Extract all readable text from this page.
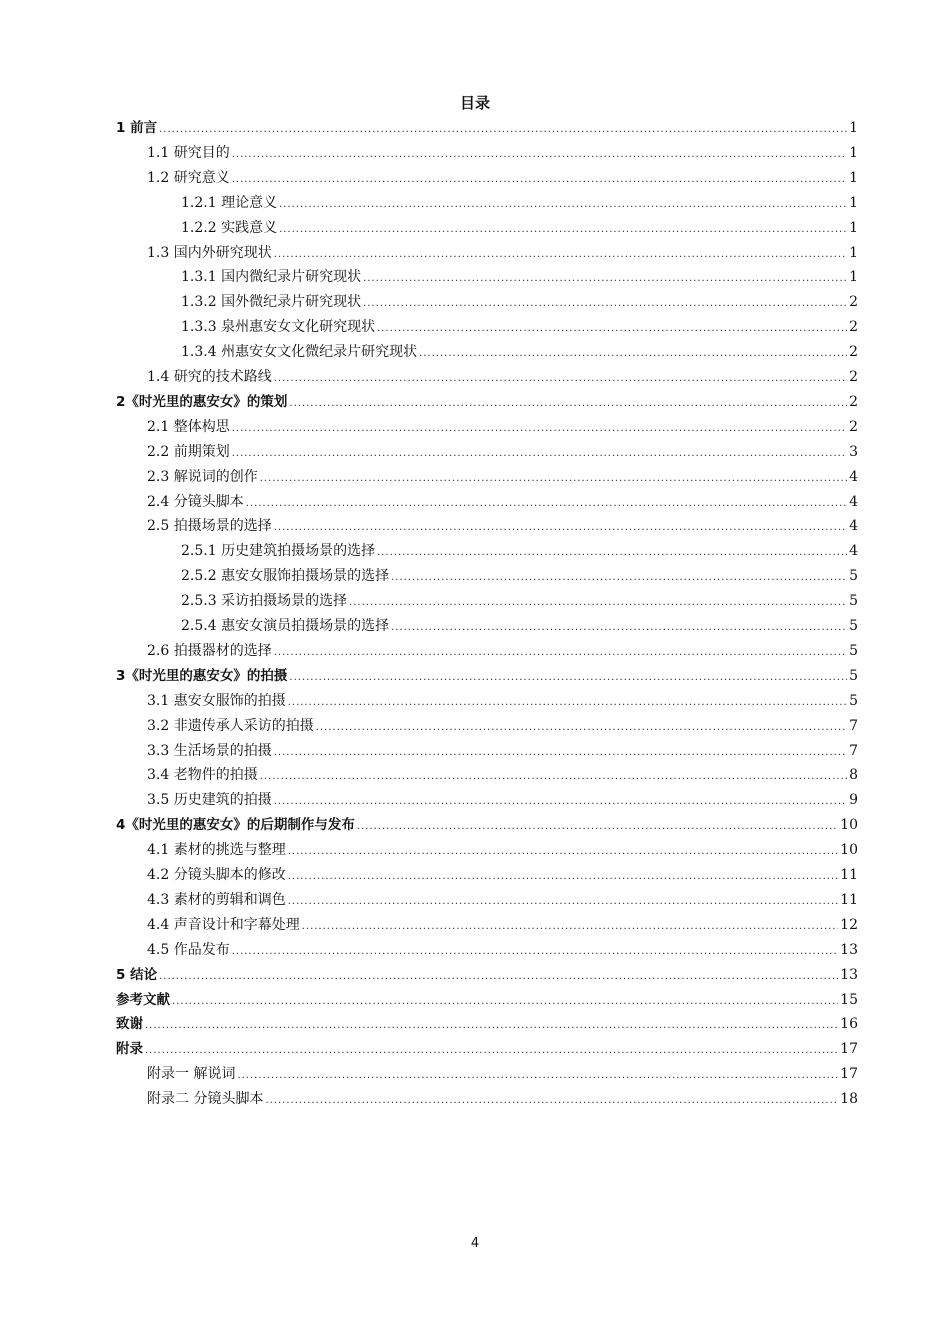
目录
1 前言 .....	1
1.1 研究目的 .....	1
1.2 研究意义 .....	1
1.2.1 理论意义 .....	1
1.2.2 实践意义 .....	1
1.3 国内外研究现状 .....	1
1.3.1 国内微纪录片研究现状 .....	1
1.3.2 国外微纪录片研究现状 .....	2
1.3.3 泉州惠安女文化研究现状 .....	2
1.3.4 州惠安女文化微纪录片研究现状 .....	2
1.4 研究的技术路线 .....	2
2《时光里的惠安女》的策划 .....	2
2.1 整体构思 .....	2
2.2 前期策划 .....	3
2.3 解说词的创作 .....	4
2.4 分镜头脚本 .....	4
2.5 拍摄场景的选择 .....	4
2.5.1 历史建筑拍摄场景的选择 .....	4
2.5.2 惠安女服饰拍摄场景的选择 .....	5
2.5.3 采访拍摄场景的选择 .....	5
2.5.4 惠安女演员拍摄场景的选择 .....	5
2.6 拍摄器材的选择 .....	5
3《时光里的惠安女》的拍摄 .....	5
3.1 惠安女服饰的拍摄 .....	5
3.2 非遗传承人采访的拍摄 .....	7
3.3 生活场景的拍摄 .....	7
3.4 老物件的拍摄 .....	8
3.5 历史建筑的拍摄 .....	9
4《时光里的惠安女》的后期制作与发布 .....	10
4.1 素材的挑选与整理 .....	10
4.2 分镜头脚本的修改 .....	11
4.3 素材的剪辑和调色 .....	11
4.4 声音设计和字幕处理 .....	12
4.5 作品发布 .....	13
5 结论 .....	13
参考文献 .....	15
致谢 .....	16
附录 .....	17
附录一 解说词 .....	17
附录二 分镜头脚本 .....	18
4
